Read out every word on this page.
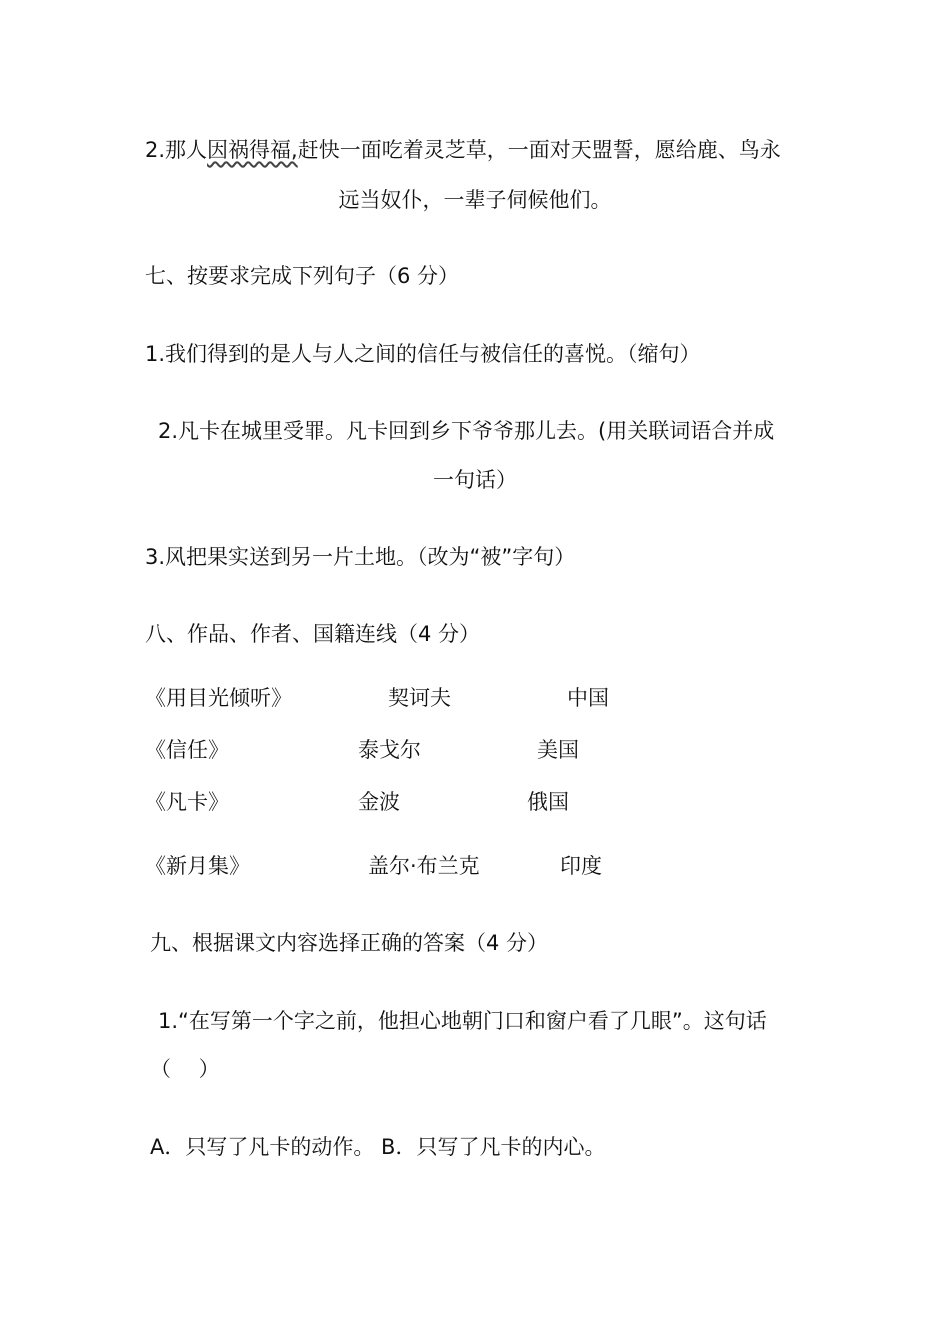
2.那人因祸得福,赶快一面吃着灵芝草，一面对天盟誓，愿给鹿、鸟永
远当奴仆，一辈子伺候他们。
七、按要求完成下列句子（6 分）
1.我们得到的是人与人之间的信任与被信任的喜悦。（缩句）
2.凡卡在城里受罪。凡卡回到乡下爷爷那儿去。(用关联词语合并成
一句话）
3.风把果实送到另一片土地。（改为“被”字句）
八、作品、作者、国籍连线（4 分）
《用目光倾听》	契诃夫	中国
《信任》	泰戈尔	美国
《凡卡》	金波	俄国
《新月集》	盖尔·布兰克	印度
九、根据课文内容选择正确的答案（4 分）
1.“在写第一个字之前，他担心地朝门口和窗户看了几眼”。这句话
（　 ）
A．只写了凡卡的动作。 B．只写了凡卡的内心。
